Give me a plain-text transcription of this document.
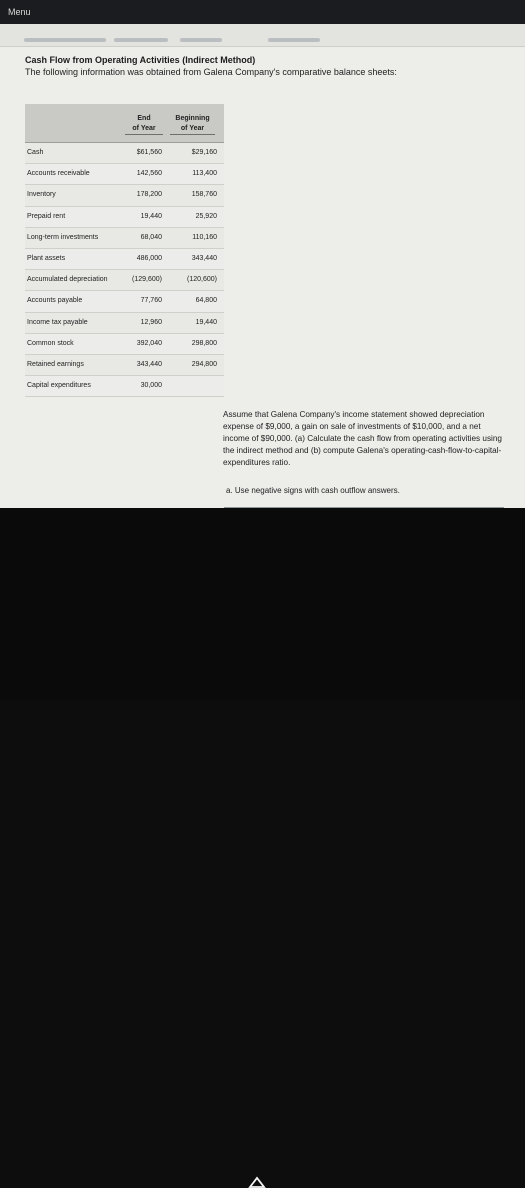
Menu
Cash Flow from Operating Activities (Indirect Method)
The following information was obtained from Galena Company's comparative balance sheets:
End
of Year
Beginning
of Year
Cash	$61,560	$29,160
Accounts receivable	142,560	113,400
Inventory	178,200	158,760
Prepaid rent	19,440	25,920
Long-term investments	68,040	110,160
Plant assets	486,000	343,440
Accumulated depreciation	(129,600)	(120,600)
Accounts payable	77,760	64,800
Income tax payable	12,960	19,440
Common stock	392,040	298,800
Retained earnings	343,440	294,800
Capital expenditures	30,000
Assume that Galena Company's income statement showed depreciation expense of $9,000, a gain on sale of investments of $10,000, and a net income of $90,000. (a) Calculate the cash flow from operating activities using the indirect method and (b) compute Galena's operating-cash-flow-to-capital-expenditures ratio.
a. Use negative signs with cash outflow answers.
